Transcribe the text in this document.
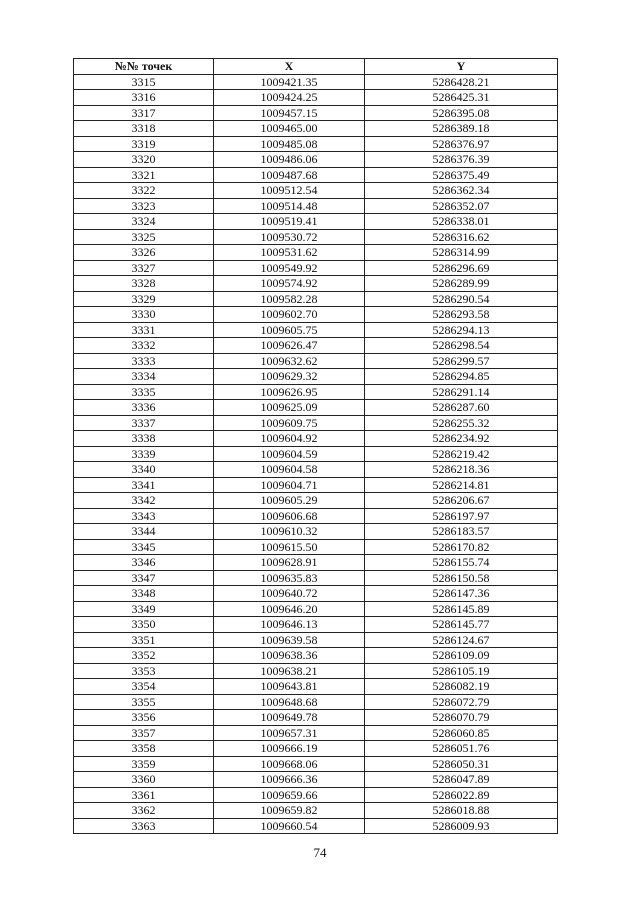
№№ точек	X	Y
3315	1009421.35	5286428.21
3316	1009424.25	5286425.31
3317	1009457.15	5286395.08
3318	1009465.00	5286389.18
3319	1009485.08	5286376.97
3320	1009486.06	5286376.39
3321	1009487.68	5286375.49
3322	1009512.54	5286362.34
3323	1009514.48	5286352.07
3324	1009519.41	5286338.01
3325	1009530.72	5286316.62
3326	1009531.62	5286314.99
3327	1009549.92	5286296.69
3328	1009574.92	5286289.99
3329	1009582.28	5286290.54
3330	1009602.70	5286293.58
3331	1009605.75	5286294.13
3332	1009626.47	5286298.54
3333	1009632.62	5286299.57
3334	1009629.32	5286294.85
3335	1009626.95	5286291.14
3336	1009625.09	5286287.60
3337	1009609.75	5286255.32
3338	1009604.92	5286234.92
3339	1009604.59	5286219.42
3340	1009604.58	5286218.36
3341	1009604.71	5286214.81
3342	1009605.29	5286206.67
3343	1009606.68	5286197.97
3344	1009610.32	5286183.57
3345	1009615.50	5286170.82
3346	1009628.91	5286155.74
3347	1009635.83	5286150.58
3348	1009640.72	5286147.36
3349	1009646.20	5286145.89
3350	1009646.13	5286145.77
3351	1009639.58	5286124.67
3352	1009638.36	5286109.09
3353	1009638.21	5286105.19
3354	1009643.81	5286082.19
3355	1009648.68	5286072.79
3356	1009649.78	5286070.79
3357	1009657.31	5286060.85
3358	1009666.19	5286051.76
3359	1009668.06	5286050.31
3360	1009666.36	5286047.89
3361	1009659.66	5286022.89
3362	1009659.82	5286018.88
3363	1009660.54	5286009.93
74
